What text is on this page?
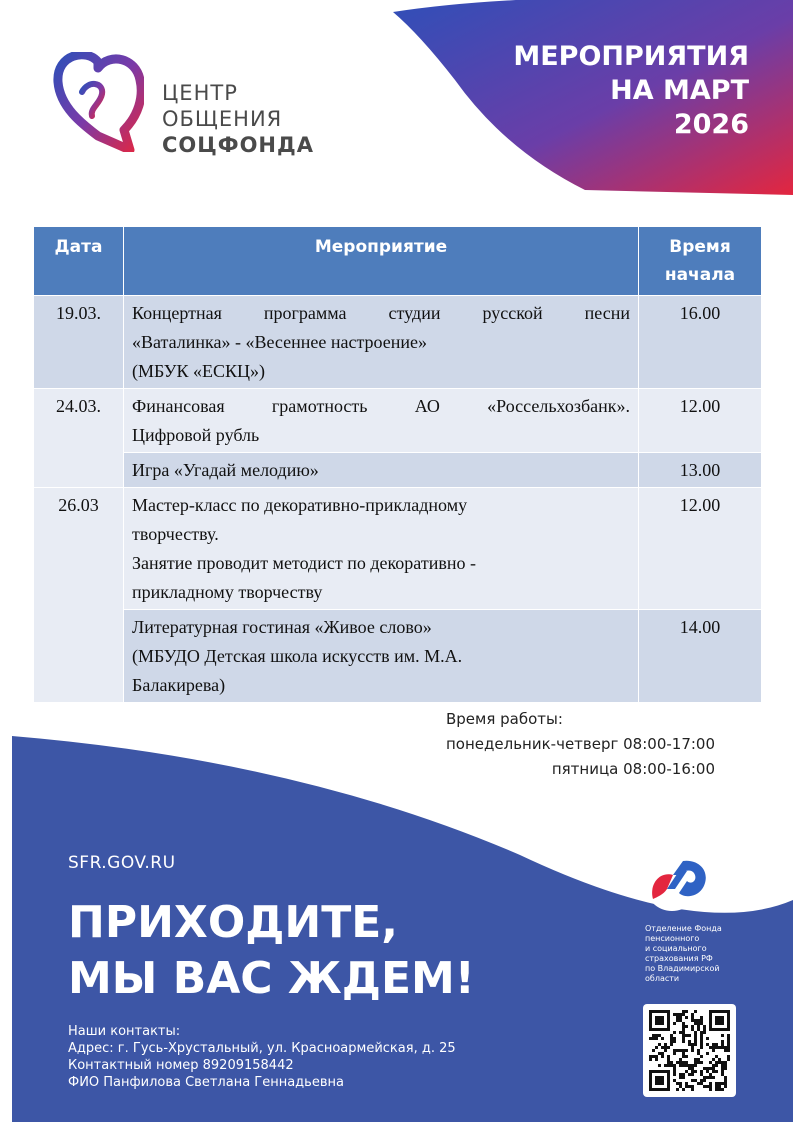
МЕРОПРИЯТИЯ
НА МАРТ
2026
ЦЕНТР
ОБЩЕНИЯ
СОЦФОНДА
Дата	Мероприятие	Время начала
19.03.	Концертная программа студии русской песни
«Ваталинка» - «Весеннее настроение»
(МБУК «ЕСКЦ»)	16.00
24.03.	Финансовая грамотность АО «Россельхозбанк».
Цифровой рубль	12.00

	Игра «Угадай мелодию»	13.00
26.03	Мастер-класс по декоративно-прикладному
творчеству.
Занятие проводит методист по декоративно -
прикладному творчеству	12.00

	Литературная гостиная «Живое слово»
(МБУДО Детская школа искусств им. М.А.
Балакирева)	14.00
Время работы:
понедельник-четверг 08:00-17:00
пятница 08:00-16:00
SFR.GOV.RU
ПРИХОДИТЕ,
МЫ ВАС ЖДЕМ!
Наши контакты:
Адрес: г. Гусь-Хрустальный, ул. Красноармейская, д. 25
Контактный номер 89209158442
ФИО Панфилова Светлана Геннадьевна
Отделение Фонда
пенсионного
и социального
страхования РФ
по Владимирской
области
